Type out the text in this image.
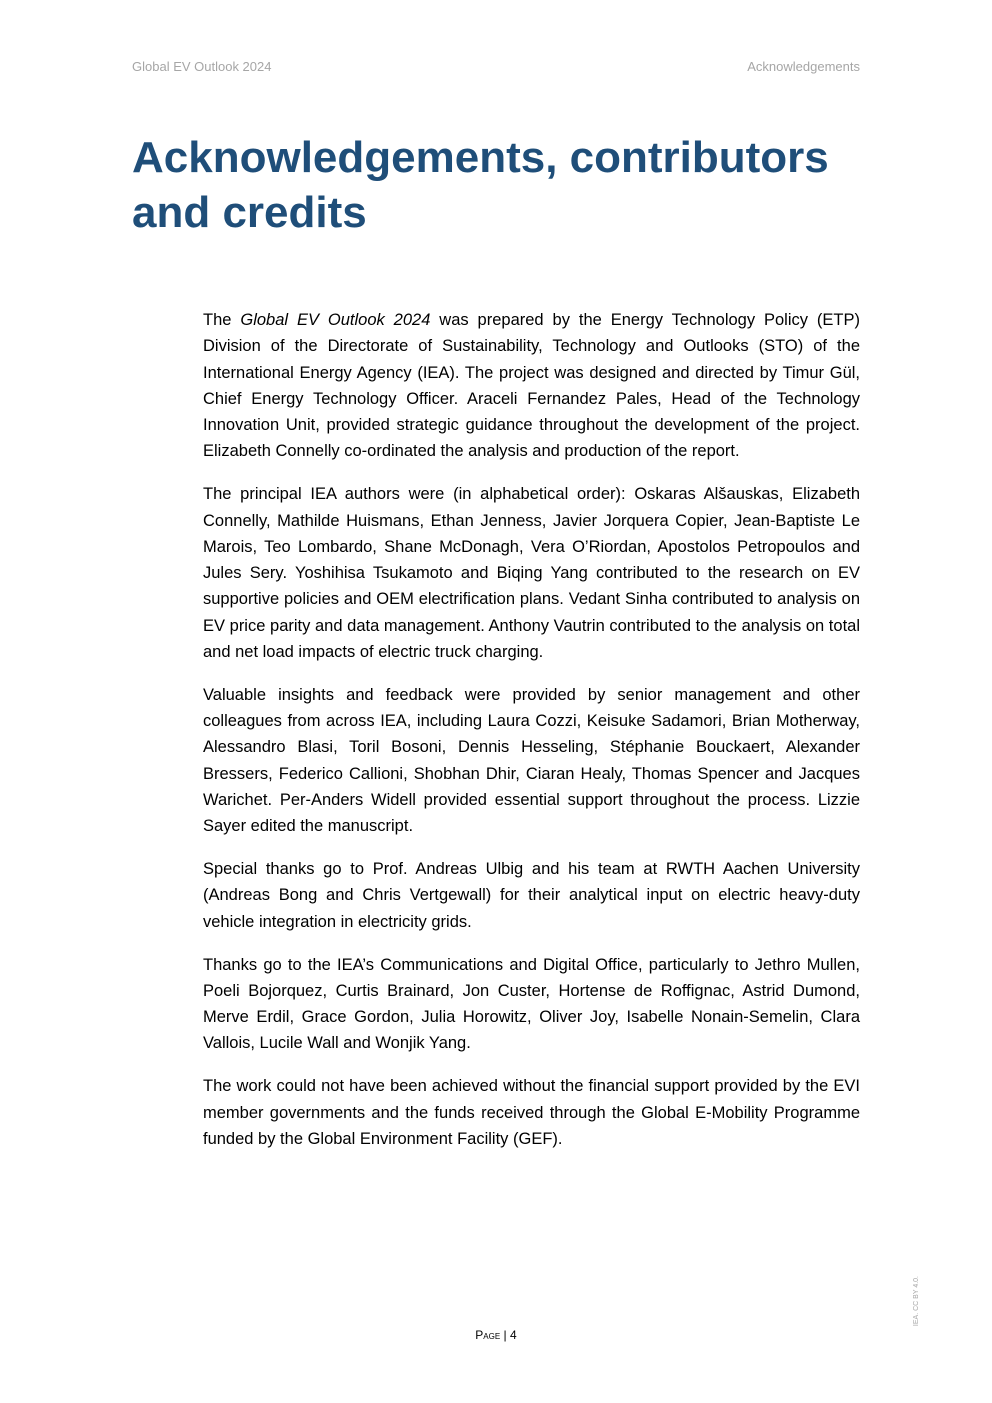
Global EV Outlook 2024	Acknowledgements
Acknowledgements, contributors
and credits

The Global EV Outlook 2024 was prepared by the Energy Technology Policy (ETP) Division of the Directorate of Sustainability, Technology and Outlooks (STO) of the International Energy Agency (IEA). The project was designed and directed by Timur Gül, Chief Energy Technology Officer. Araceli Fernandez Pales, Head of the Technology Innovation Unit, provided strategic guidance throughout the development of the project. Elizabeth Connelly co-ordinated the analysis and production of the report.

The principal IEA authors were (in alphabetical order): Oskaras Alšauskas, Elizabeth Connelly, Mathilde Huismans, Ethan Jenness, Javier Jorquera Copier, Jean-Baptiste Le Marois, Teo Lombardo, Shane McDonagh, Vera O’Riordan, Apostolos Petropoulos and Jules Sery. Yoshihisa Tsukamoto and Biqing Yang contributed to the research on EV supportive policies and OEM electrification plans. Vedant Sinha contributed to analysis on EV price parity and data management. Anthony Vautrin contributed to the analysis on total and net load impacts of electric truck charging.

Valuable insights and feedback were provided by senior management and other colleagues from across IEA, including Laura Cozzi, Keisuke Sadamori, Brian Motherway, Alessandro Blasi, Toril Bosoni, Dennis Hesseling, Stéphanie Bouckaert, Alexander Bressers, Federico Callioni, Shobhan Dhir, Ciaran Healy, Thomas Spencer and Jacques Warichet. Per-Anders Widell provided essential support throughout the process. Lizzie Sayer edited the manuscript.

Special thanks go to Prof. Andreas Ulbig and his team at RWTH Aachen University (Andreas Bong and Chris Vertgewall) for their analytical input on electric heavy-duty vehicle integration in electricity grids.

Thanks go to the IEA’s Communications and Digital Office, particularly to Jethro Mullen, Poeli Bojorquez, Curtis Brainard, Jon Custer, Hortense de Roffignac, Astrid Dumond, Merve Erdil, Grace Gordon, Julia Horowitz, Oliver Joy, Isabelle Nonain-Semelin, Clara Vallois, Lucile Wall and Wonjik Yang.

The work could not have been achieved without the financial support provided by the EVI member governments and the funds received through the Global E-Mobility Programme funded by the Global Environment Facility (GEF).

Page | 4
IEA. CC BY 4.0.
